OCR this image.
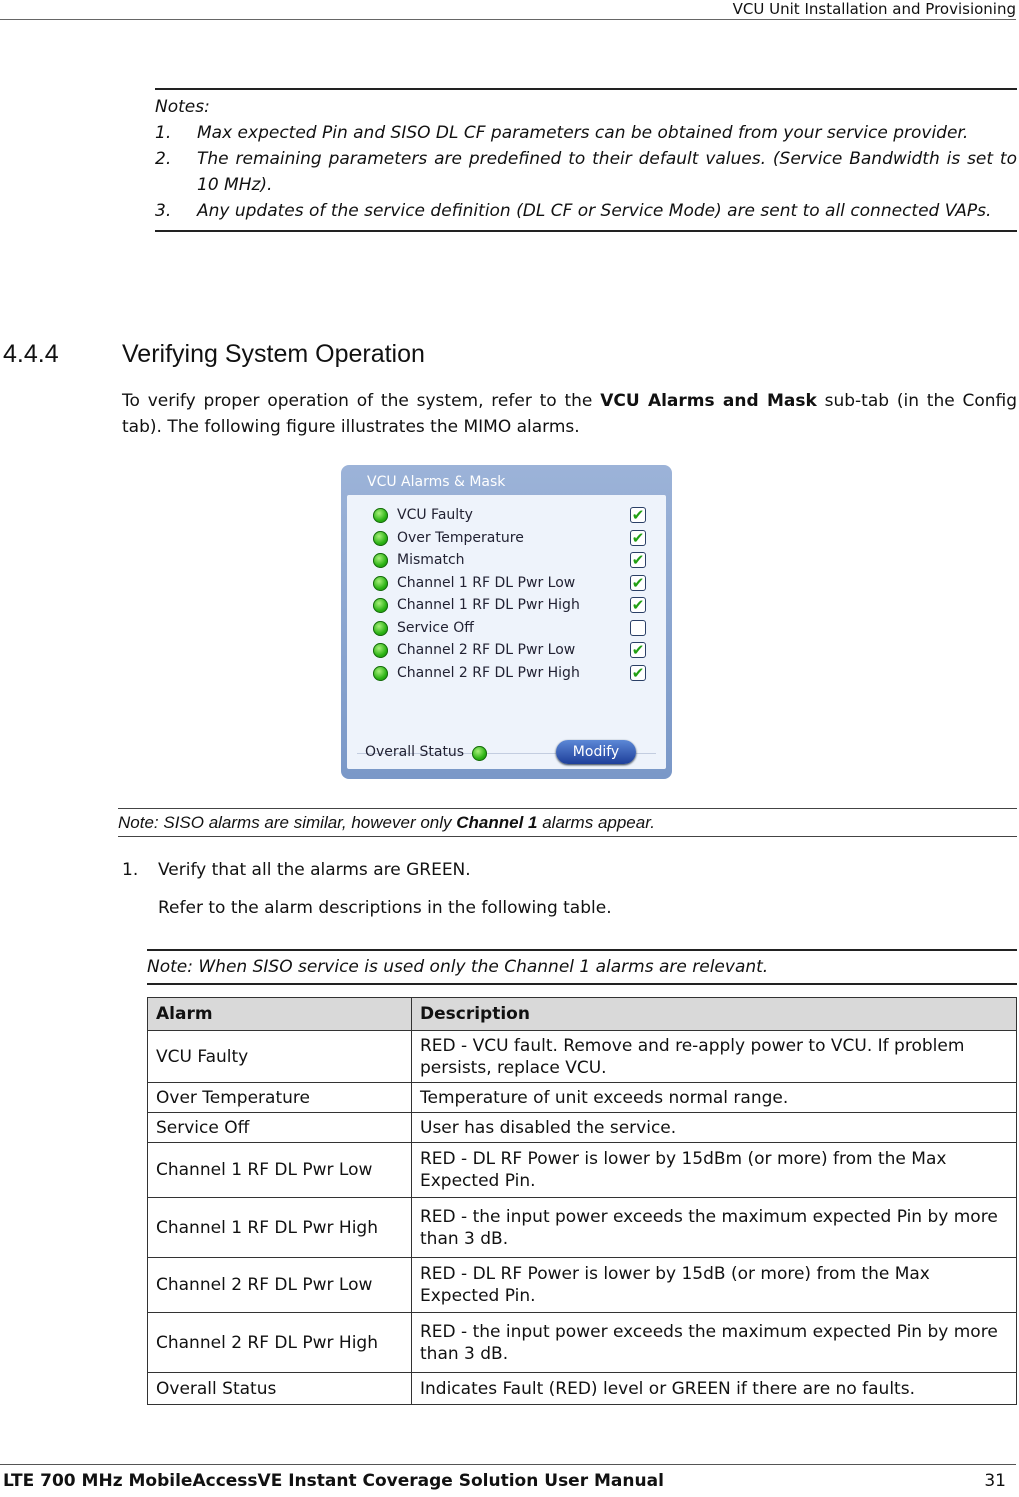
VCU Unit Installation and Provisioning
Notes:
1. Max expected Pin and SISO DL CF parameters can be obtained from your service provider.
2. The remaining parameters are predefined to their default values. (Service Bandwidth is set to 10 MHz).
3. Any updates of the service definition (DL CF or Service Mode) are sent to all connected VAPs.
4.4.4	Verifying System Operation

To verify proper operation of the system, refer to the VCU Alarms and Mask sub-tab (in the Config tab). The following figure illustrates the MIMO alarms.

VCU Alarms & Mask
VCU Faulty	✔
Over Temperature	✔
Mismatch	✔
Channel 1 RF DL Pwr Low	✔
Channel 1 RF DL Pwr High	✔
Service Off
Channel 2 RF DL Pwr Low	✔
Channel 2 RF DL Pwr High	✔
Overall Status	Modify
Note: SISO alarms are similar, however only Channel 1 alarms appear.
1. Verify that all the alarms are GREEN.
Refer to the alarm descriptions in the following table.
Note: When SISO service is used only the Channel 1 alarms are relevant.
Alarm	Description
VCU Faulty	RED - VCU fault. Remove and re-apply power to VCU. If problem persists, replace VCU.
Over Temperature	Temperature of unit exceeds normal range.
Service Off	User has disabled the service.
Channel 1 RF DL Pwr Low	RED - DL RF Power is lower by 15dBm (or more) from the Max Expected Pin.
Channel 1 RF DL Pwr High	RED - the input power exceeds the maximum expected Pin by more than 3 dB.
Channel 2 RF DL Pwr Low	RED - DL RF Power is lower by 15dB (or more) from the Max Expected Pin.
Channel 2 RF DL Pwr High	RED - the input power exceeds the maximum expected Pin by more than 3 dB.
Overall Status	Indicates Fault (RED) level or GREEN if there are no faults.
LTE 700 MHz MobileAccessVE Instant Coverage Solution User Manual	31
